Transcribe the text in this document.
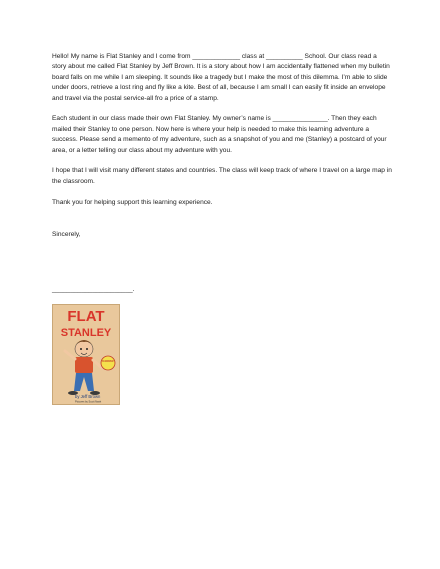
Hello! My name is Flat Stanley and I come from _____________ class at __________ School. Our class read a story about me called Flat Stanley by Jeff Brown. It is a story about how I am accidentally flattened when my bulletin board falls on me while I am sleeping. It sounds like a tragedy but I make the most of this dilemma. I’m able to slide under doors, retrieve a lost ring and fly like a kite. Best of all, because I am small I can easily fit inside an envelope and travel via the postal service-all fro a price of a stamp.

Each student in our class made their own Flat Stanley. My owner’s name is _______________. Then they each mailed their Stanley to one person. Now here is where your help is needed to make this learning adventure a success. Please send a memento of my adventure, such as a snapshot of you and me (Stanley) a postcard of your area, or a letter telling our class about my adventure with you.

I hope that I will visit many different states and countries. The class will keep track of where I travel on a large map in the classroom.

Thank you for helping support this learning experience.

Sincerely,

______________________.
FLAT
STANLEY
by Jeff Brown
Pictures by Scott Nash
